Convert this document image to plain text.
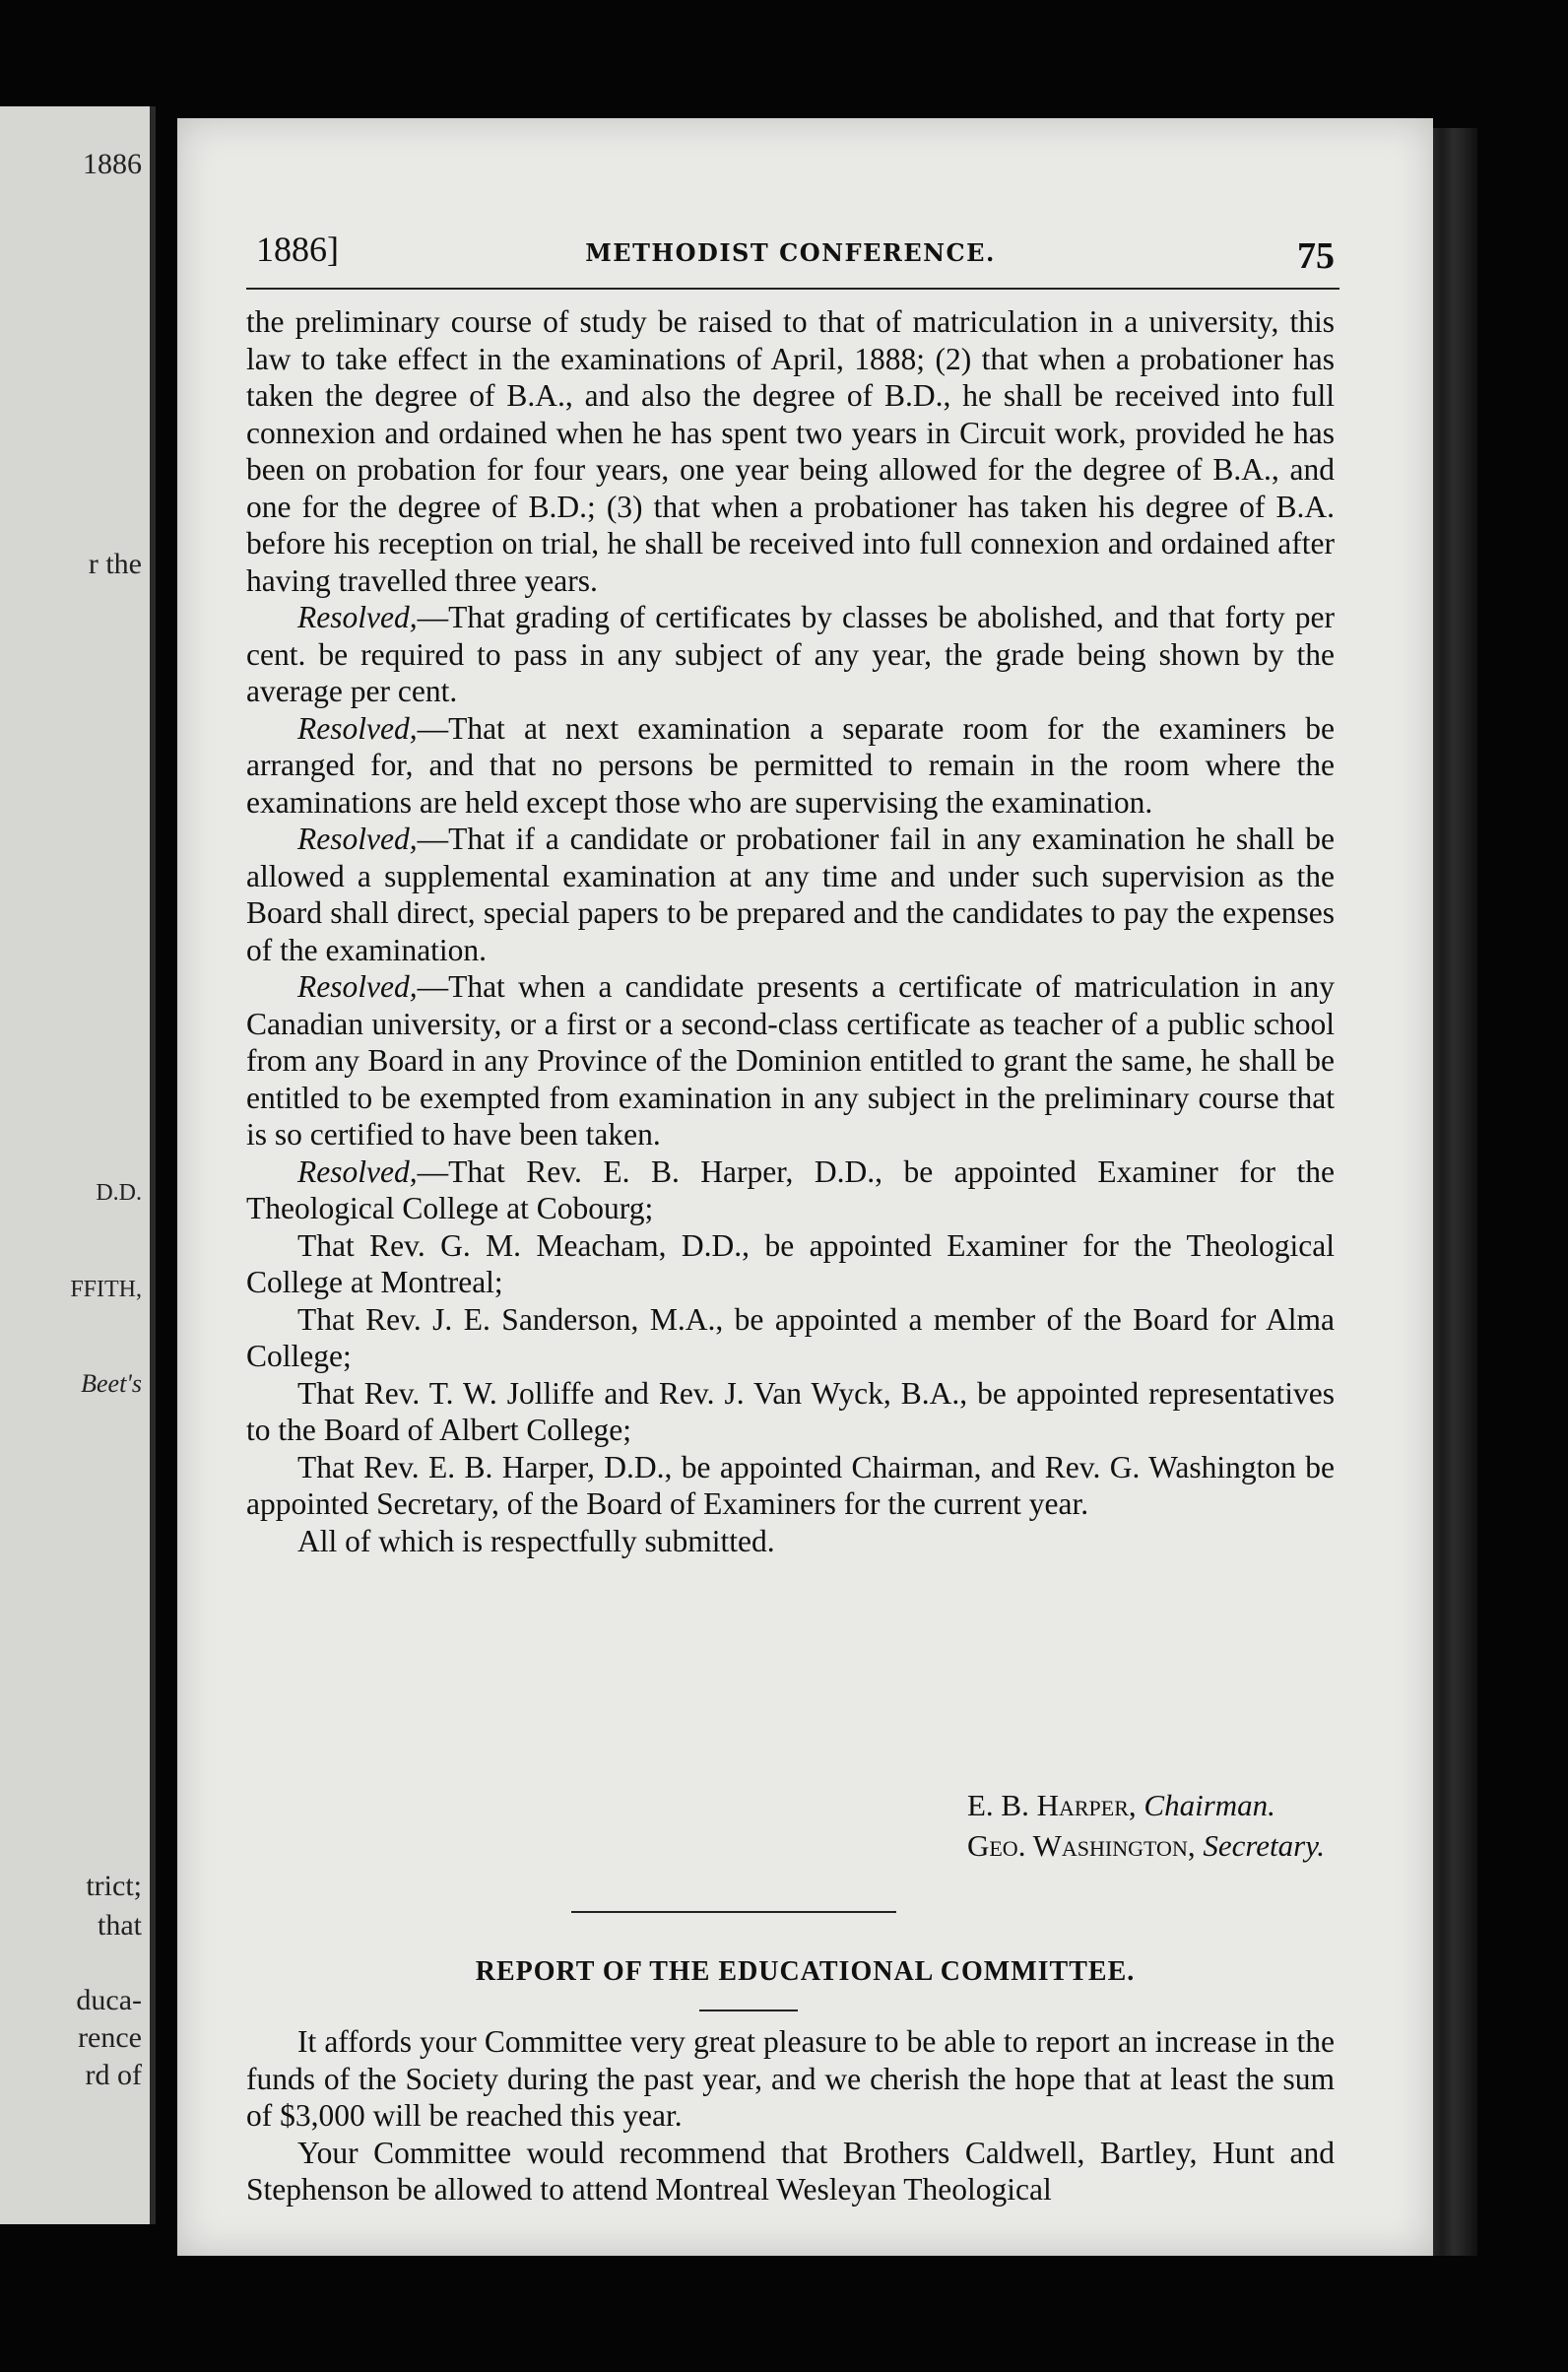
1886
r the
D.D.
FFITH,
Beet's
trict;
that
duca-
rence
rd of
1886]	METHODIST CONFERENCE.	75

the preliminary course of study be raised to that of matriculation in a university, this law to take effect in the examinations of April, 1888; (2) that when a probationer has taken the degree of B.A., and also the degree of B.D., he shall be received into full connexion and ordained when he has spent two years in Circuit work, provided he has been on probation for four years, one year being allowed for the degree of B.A., and one for the degree of B.D.; (3) that when a probationer has taken his degree of B.A. before his reception on trial, he shall be received into full connexion and ordained after having travelled three years.

Resolved,—That grading of certificates by classes be abolished, and that forty per cent. be required to pass in any subject of any year, the grade being shown by the average per cent.

Resolved,—That at next examination a separate room for the examiners be arranged for, and that no persons be permitted to remain in the room where the examinations are held except those who are supervising the examination.

Resolved,—That if a candidate or probationer fail in any examination he shall be allowed a supplemental examination at any time and under such supervision as the Board shall direct, special papers to be prepared and the candidates to pay the expenses of the examination.

Resolved,—That when a candidate presents a certificate of matriculation in any Canadian university, or a first or a second-class certificate as teacher of a public school from any Board in any Province of the Dominion entitled to grant the same, he shall be entitled to be exempted from examination in any subject in the preliminary course that is so certified to have been taken.

Resolved,—That Rev. E. B. Harper, D.D., be appointed Examiner for the Theological College at Cobourg;

That Rev. G. M. Meacham, D.D., be appointed Examiner for the Theological College at Montreal;

That Rev. J. E. Sanderson, M.A., be appointed a member of the Board for Alma College;

That Rev. T. W. Jolliffe and Rev. J. Van Wyck, B.A., be appointed representatives to the Board of Albert College;

That Rev. E. B. Harper, D.D., be appointed Chairman, and Rev. G. Washington be appointed Secretary, of the Board of Examiners for the current year.

All of which is respectfully submitted.

E. B. Harper, Chairman.
Geo. Washington, Secretary.
REPORT OF THE EDUCATIONAL COMMITTEE.

It affords your Committee very great pleasure to be able to report an increase in the funds of the Society during the past year, and we cherish the hope that at least the sum of $3,000 will be reached this year.

Your Committee would recommend that Brothers Caldwell, Bartley, Hunt and Stephenson be allowed to attend Montreal Wesleyan Theological
